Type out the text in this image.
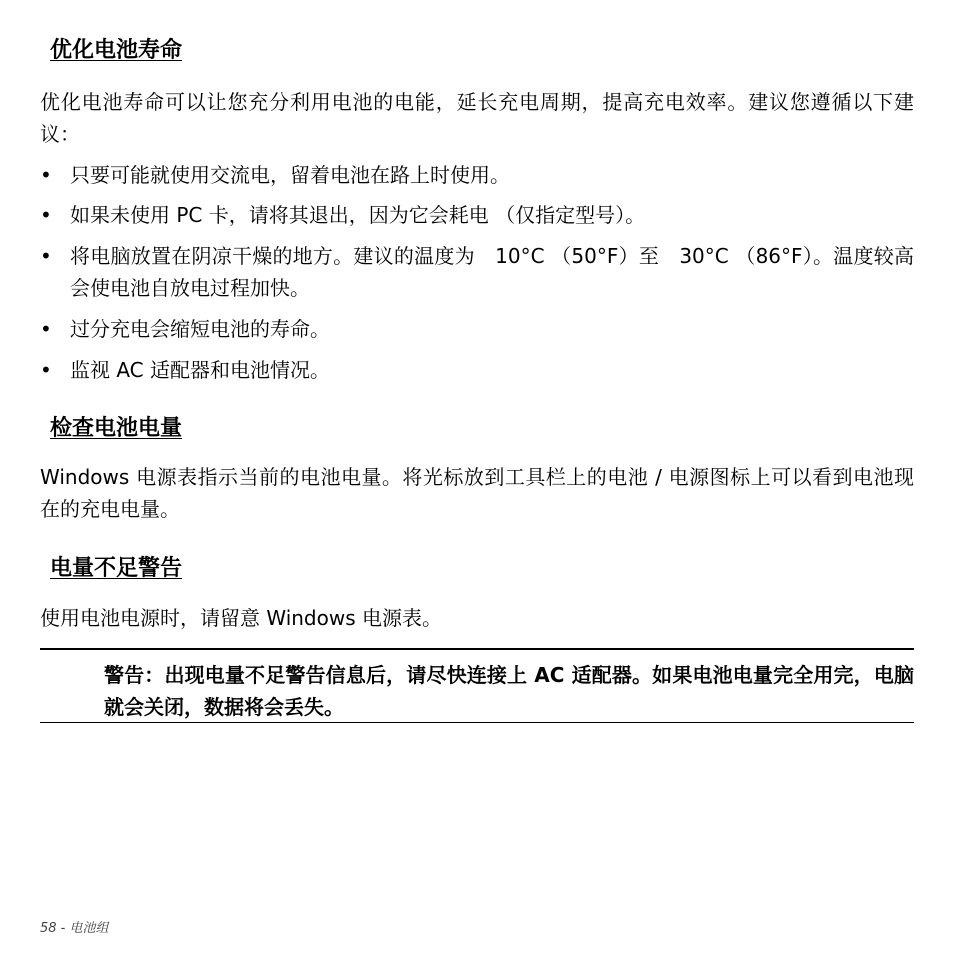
优化电池寿命
优化电池寿命可以让您充分利用电池的电能，延长充电周期，提高充电效率。建议您遵循以下建议：
• 只要可能就使用交流电，留着电池在路上时使用。
• 如果未使用 PC 卡，请将其退出，因为它会耗电 （仅指定型号）。
• 将电脑放置在阴凉干燥的地方。建议的温度为　10°C （50°F）至　30°C （86°F）。温度较高会使电池自放电过程加快。
• 过分充电会缩短电池的寿命。
• 监视 AC 适配器和电池情况。
检查电池电量
Windows 电源表指示当前的电池电量。将光标放到工具栏上的电池 / 电源图标上可以看到电池现在的充电电量。
电量不足警告
使用电池电源时，请留意 Windows 电源表。
警告：出现电量不足警告信息后，请尽快连接上 AC 适配器。如果电池电量完全用完，电脑就会关闭，数据将会丢失。
58 - 电池组
